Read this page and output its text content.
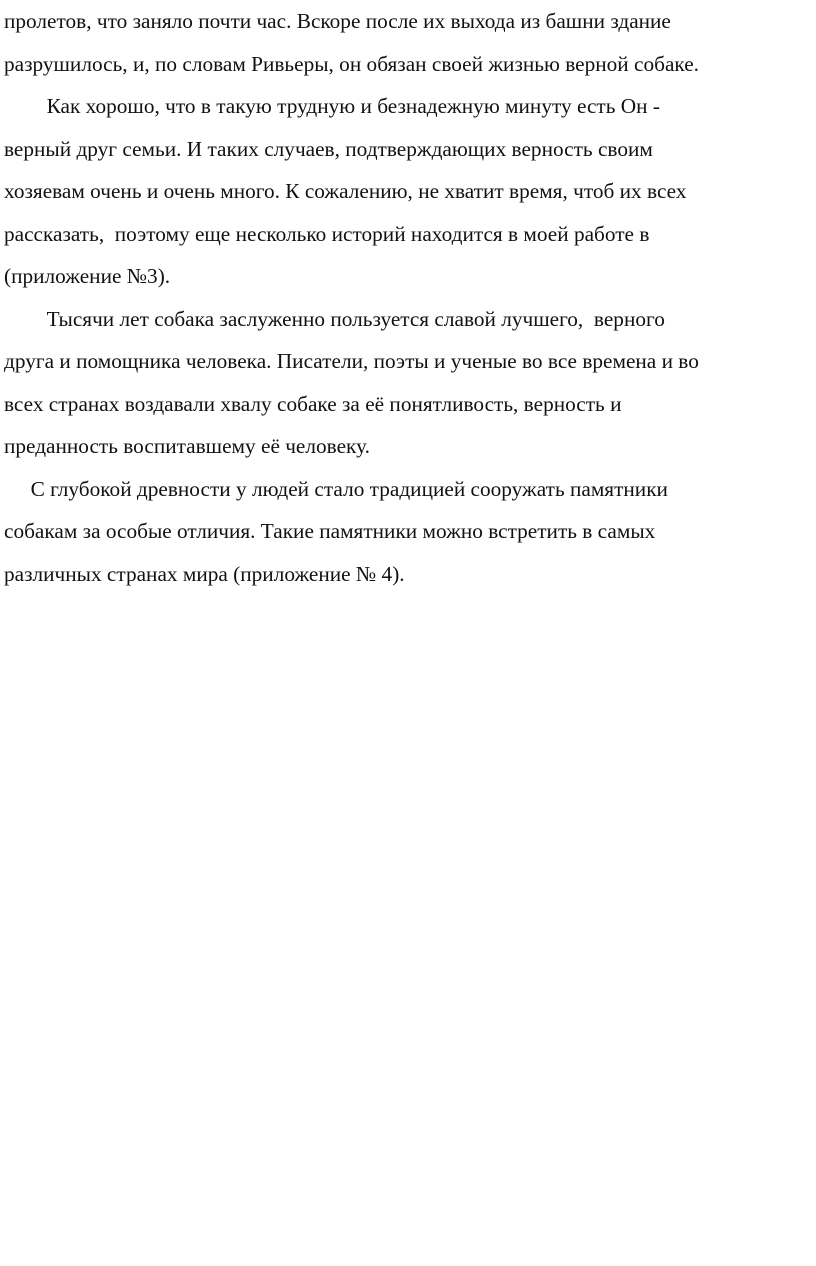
пролетов, что заняло почти час. Вскоре после их выхода из башни здание
разрушилось, и, по словам Ривьеры, он обязан своей жизнью верной собаке.
Как хорошо, что в такую трудную и безнадежную минуту есть Он -
верный друг семьи. И таких случаев, подтверждающих верность своим
хозяевам очень и очень много. К сожалению, не хватит время, чтоб их всех
рассказать,  поэтому еще несколько историй находится в моей работе в
(приложение №3).
Тысячи лет собака заслуженно пользуется славой лучшего,  верного
друга и помощника человека. Писатели, поэты и ученые во все времена и во
всех странах воздавали хвалу собаке за её понятливость, верность и
преданность воспитавшему её человеку.
С глубокой древности у людей стало традицией сооружать памятники
собакам за особые отличия. Такие памятники можно встретить в самых
различных странах мира (приложение № 4).
